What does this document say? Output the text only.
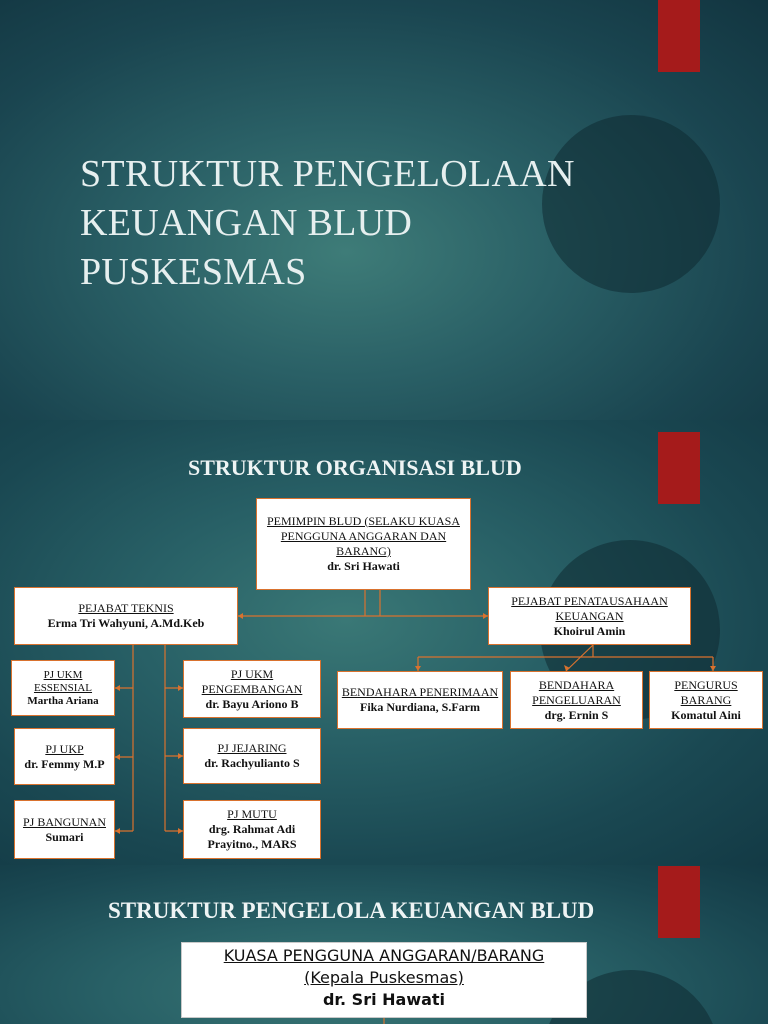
STRUKTUR PENGELOLAAN KEUANGAN BLUD PUSKESMAS
STRUKTUR ORGANISASI BLUD
PEMIMPIN BLUD (SELAKU KUASA PENGGUNA ANGGARAN DAN BARANG)
dr. Sri Hawati
PEJABAT TEKNIS
Erma Tri Wahyuni, A.Md.Keb
PEJABAT PENATAUSAHAAN KEUANGAN
Khoirul Amin
PJ UKM ESSENSIAL
Martha Ariana
PJ UKM PENGEMBANGAN
dr. Bayu Ariono B
PJ UKP
dr. Femmy M.P
PJ JEJARING
dr. Rachyulianto S
PJ BANGUNAN
Sumari
PJ MUTU
drg. Rahmat Adi Prayitno., MARS
BENDAHARA PENERIMAAN
Fika Nurdiana, S.Farm
BENDAHARA PENGELUARAN
drg. Ernin S
PENGURUS BARANG
Komatul Aini
STRUKTUR PENGELOLA KEUANGAN BLUD
KUASA PENGGUNA ANGGARAN/BARANG
(Kepala Puskesmas)
dr. Sri Hawati
